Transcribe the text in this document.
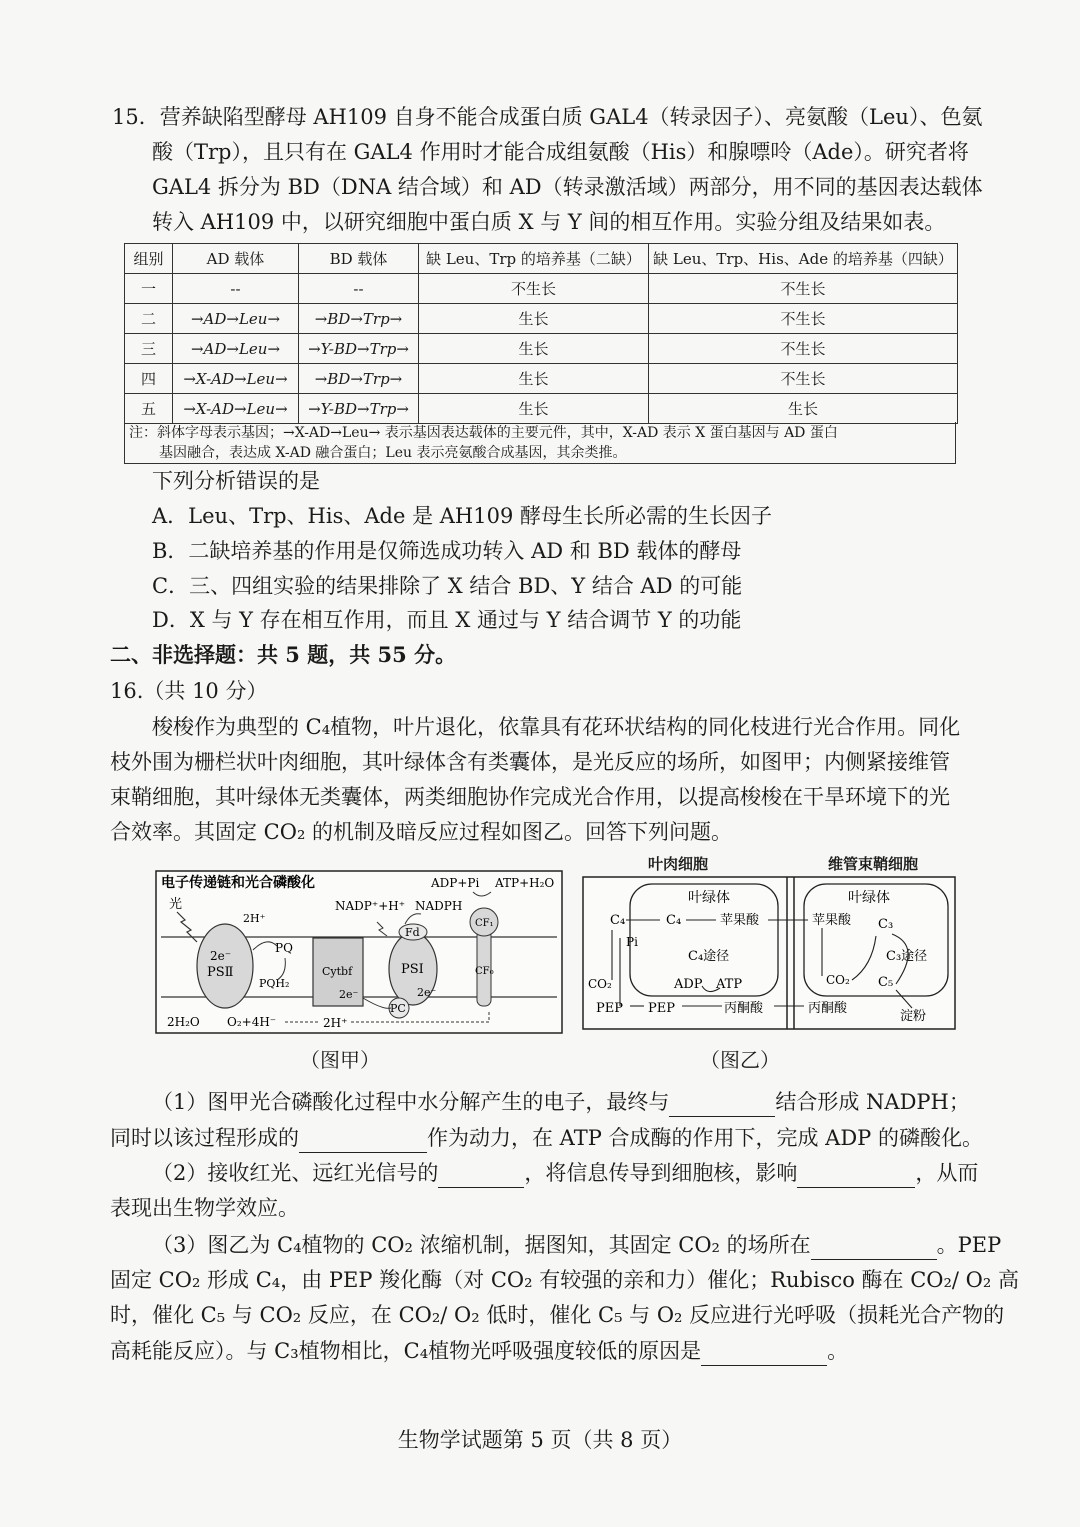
15．营养缺陷型酵母 AH109 自身不能合成蛋白质 GAL4（转录因子）、亮氨酸（Leu）、色氨
酸（Trp），且只有在 GAL4 作用时才能合成组氨酸（His）和腺嘌呤（Ade）。研究者将
GAL4 拆分为 BD（DNA 结合域）和 AD（转录激活域）两部分，用不同的基因表达载体
转入 AH109 中，以研究细胞中蛋白质 X 与 Y 间的相互作用。实验分组及结果如表。
组别	AD 载体	BD 载体	缺 Leu、Trp 的培养基（二缺）	缺 Leu、Trp、His、Ade 的培养基（四缺）
一	--	--	不生长	不生长
二	→AD→Leu→	→BD→Trp→	生长	不生长
三	→AD→Leu→	→Y-BD→Trp→	生长	不生长
四	→X-AD→Leu→	→BD→Trp→	生长	不生长
五	→X-AD→Leu→	→Y-BD→Trp→	生长	生长
注：斜体字母表示基因；→X-AD→Leu→ 表示基因表达载体的主要元件，其中，X-AD 表示 X 蛋白基因与 AD 蛋白
基因融合，表达成 X-AD 融合蛋白；Leu 表示亮氨酸合成基因，其余类推。
下列分析错误的是
A．Leu、Trp、His、Ade 是 AH109 酵母生长所必需的生长因子
B．二缺培养基的作用是仅筛选成功转入 AD 和 BD 载体的酵母
C．三、四组实验的结果排除了 X 结合 BD、Y 结合 AD 的可能
D．X 与 Y 存在相互作用，而且 X 通过与 Y 结合调节 Y 的功能
二、非选择题：共 5 题，共 55 分。
16.（共 10 分）
梭梭作为典型的 C₄植物，叶片退化，依靠具有花环状结构的同化枝进行光合作用。同化
枝外围为栅栏状叶肉细胞，其叶绿体含有类囊体，是光反应的场所，如图甲；内侧紧接维管
束鞘细胞，其叶绿体无类囊体，两类细胞协作完成光合作用，以提高梭梭在干旱环境下的光
合效率。其固定 CO₂ 的机制及暗反应过程如图乙。回答下列问题。
电子传递链和光合磷酸化
光
2e⁻
PSⅡ
2H⁺
PQ
PQH₂
Cytbf
2e⁻
PSⅠ
2e⁻
Fd
PC
NADP⁺+H⁺ NADPH
CF₁
CF₀
ADP+Pi ATP+H₂O
2H₂O O₂+4H⁻	2H⁺
（图甲）
叶肉细胞	维管束鞘细胞
叶绿体	叶绿体
C₄	C₄	苹果酸	苹果酸
Pi
C₄途径
CO₂	ADP ATP
PEP PEP	丙酮酸	丙酮酸
C₃
C₃途径
CO₂ C₅
淀粉
（图乙）
（1）图甲光合磷酸化过程中水分解产生的电子，最终与	结合形成 NADPH；
同时以该过程形成的	作为动力，在 ATP 合成酶的作用下，完成 ADP 的磷酸化。
（2）接收红光、远红光信号的	，将信息传导到细胞核，影响	，从而
表现出生物学效应。
（3）图乙为 C₄植物的 CO₂ 浓缩机制，据图知，其固定 CO₂ 的场所在	。PEP
固定 CO₂ 形成 C₄，由 PEP 羧化酶（对 CO₂ 有较强的亲和力）催化；Rubisco 酶在 CO₂/ O₂ 高
时，催化 C₅ 与 CO₂ 反应，在 CO₂/ O₂ 低时，催化 C₅ 与 O₂ 反应进行光呼吸（损耗光合产物的
高耗能反应）。与 C₃植物相比，C₄植物光呼吸强度较低的原因是	。
生物学试题第 5 页（共 8 页）
